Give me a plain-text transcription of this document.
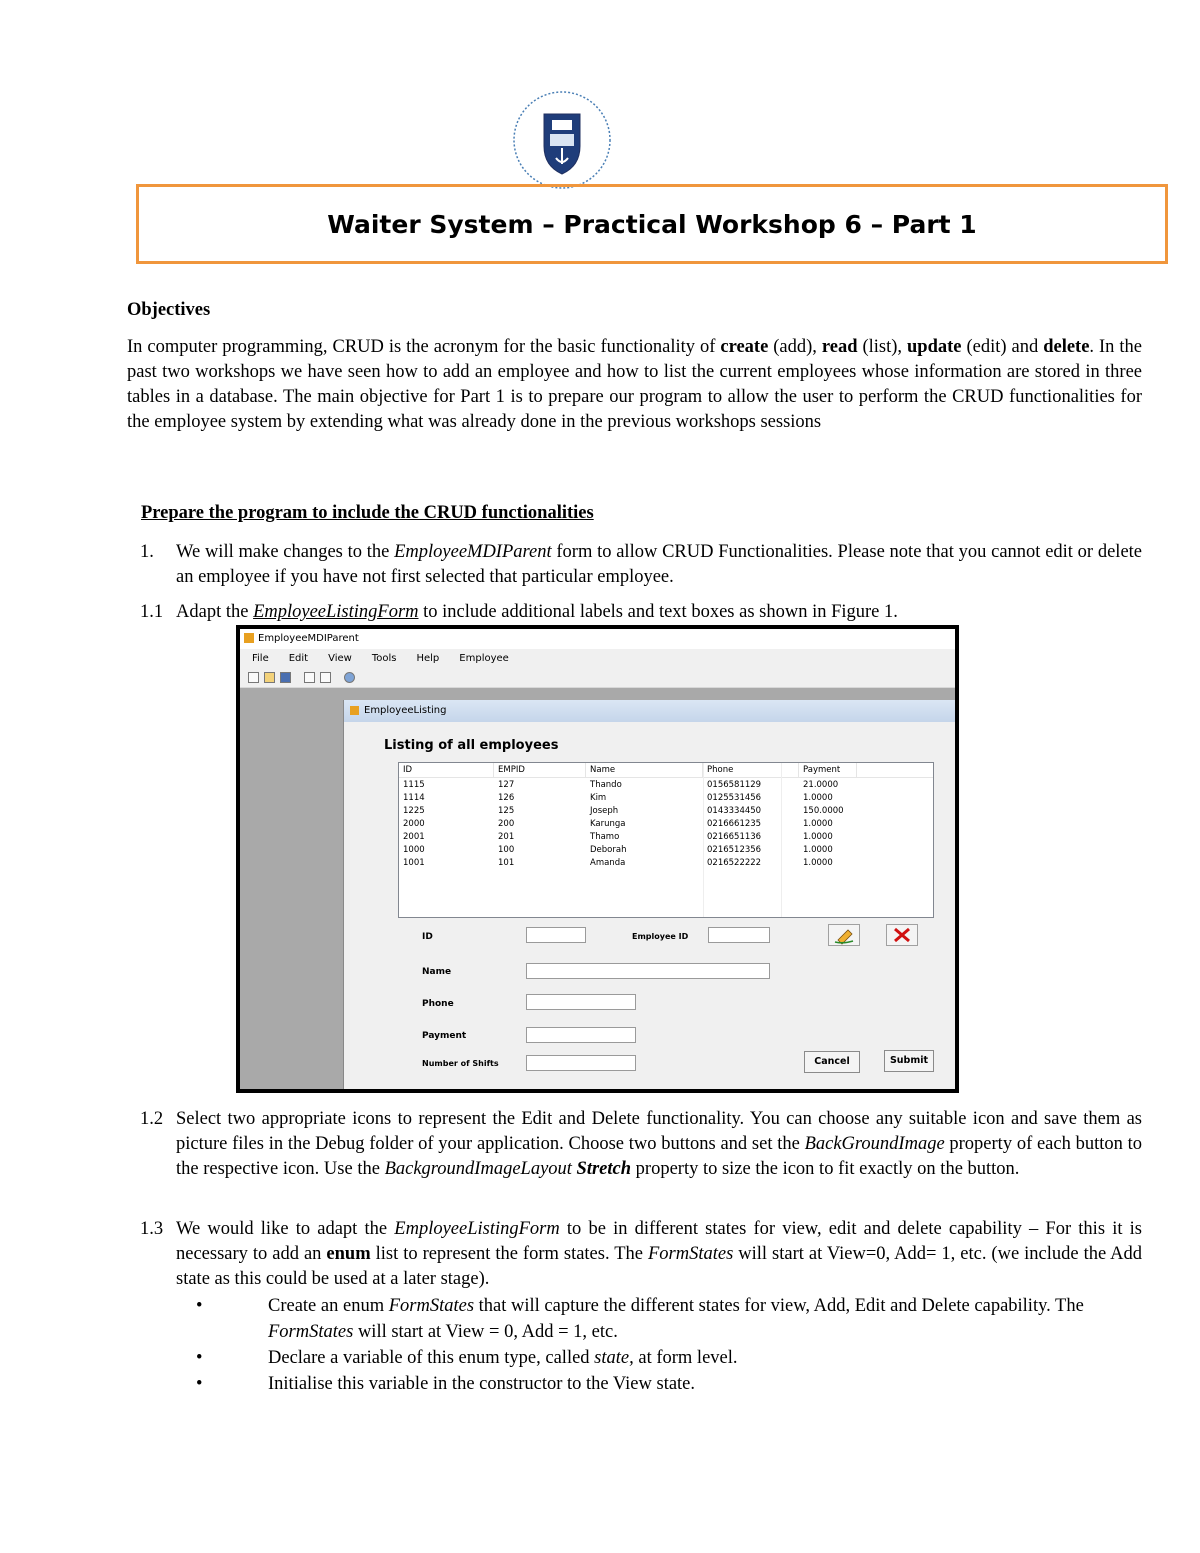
Waiter System – Practical Workshop 6 – Part 1
Objectives
In computer programming, CRUD is the acronym for the basic functionality of create (add), read (list), update (edit) and delete. In the past two workshops we have seen how to add an employee and how to list the current employees whose information are stored in three tables in a database. The main objective for Part 1 is to prepare our program to allow the user to perform the CRUD functionalities for the employee system by extending what was already done in the previous workshops sessions
Prepare the program to include the CRUD functionalities
1. We will make changes to the EmployeeMDIParent form to allow CRUD Functionalities. Please note that you cannot edit or delete an employee if you have not first selected that particular employee.
1.1 Adapt the EmployeeListingForm to include additional labels and text boxes as shown in Figure 1.
EmployeeMDIParent
File Edit View Tools Help Employee
EmployeeListing
Listing of all employees
ID	EMPID	Name	Phone	Payment
1115	127	Thando	0156581129	21.0000
1114	126	Kim	0125531456	1.0000
1225	125	Joseph	0143334450	150.0000
2000	200	Karunga	0216661235	1.0000
2001	201	Thamo	0216651136	1.0000
1000	100	Deborah	0216512356	1.0000
1001	101	Amanda	0216522222	1.0000
ID	Employee ID
Name
Phone
Payment
Number of Shifts	Cancel	Submit
1.2 Select two appropriate icons to represent the Edit and Delete functionality. You can choose any suitable icon and save them as picture files in the Debug folder of your application. Choose two buttons and set the BackGroundImage property of each button to the respective icon. Use the BackgroundImageLayout Stretch property to size the icon to fit exactly on the button.
1.3 We would like to adapt the EmployeeListingForm to be in different states for view, edit and delete capability – For this it is necessary to add an enum list to represent the form states. The FormStates will start at View=0, Add= 1, etc. (we include the Add state as this could be used at a later stage).
•	Create an enum FormStates that will capture the different states for view, Add, Edit and Delete capability. The FormStates will start at View = 0, Add = 1, etc.
•	Declare a variable of this enum type, called state, at form level.
•	Initialise this variable in the constructor to the View state.
